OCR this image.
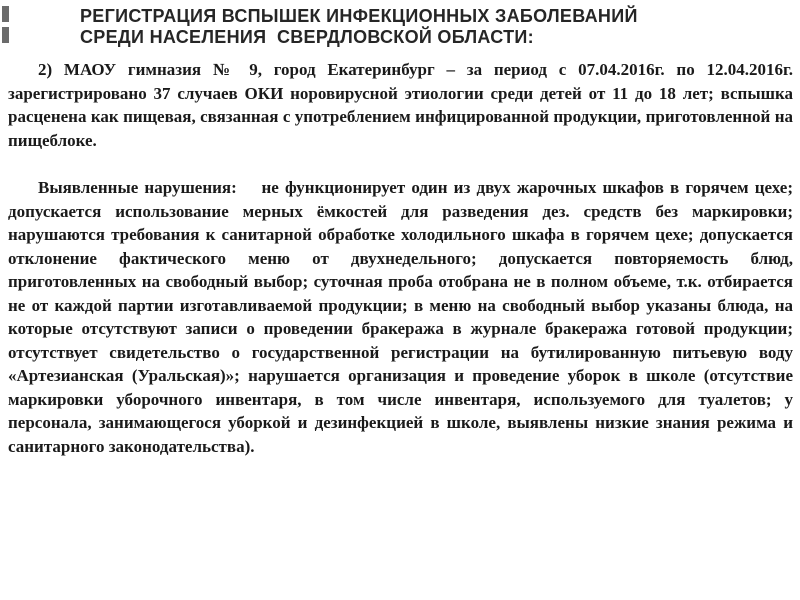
РЕГИСТРАЦИЯ ВСПЫШЕК ИНФЕКЦИОННЫХ ЗАБОЛЕВАНИЙ
СРЕДИ НАСЕЛЕНИЯ  СВЕРДЛОВСКОЙ ОБЛАСТИ:

2) МАОУ гимназия № 9, город Екатеринбург – за период с 07.04.2016г. по 12.04.2016г. зарегистрировано 37 случаев ОКИ норовирусной этиологии среди детей от 11 до 18 лет; вспышка расценена как пищевая, связанная с употреблением инфицированной продукции, приготовленной на пищеблоке.

Выявленные нарушения: не функционирует один из двух жарочных шкафов в горячем цехе; допускается использование мерных ёмкостей для разведения дез. средств без маркировки; нарушаются требования к санитарной обработке холодильного шкафа в горячем цехе; допускается отклонение фактического меню от двухнедельного; допускается повторяемость блюд, приготовленных на свободный выбор; суточная проба отобрана не в полном объеме, т.к. отбирается не от каждой партии изготавливаемой продукции; в меню на свободный выбор указаны блюда, на которые отсутствуют записи о проведении бракеража в журнале бракеража готовой продукции; отсутствует свидетельство о государственной регистрации на бутилированную питьевую воду «Артезианская (Уральская)»; нарушается организация и проведение уборок в школе (отсутствие маркировки уборочного инвентаря, в том числе инвентаря, используемого для туалетов; у персонала, занимающегося уборкой и дезинфекцией в школе, выявлены низкие знания режима и санитарного законодательства).
